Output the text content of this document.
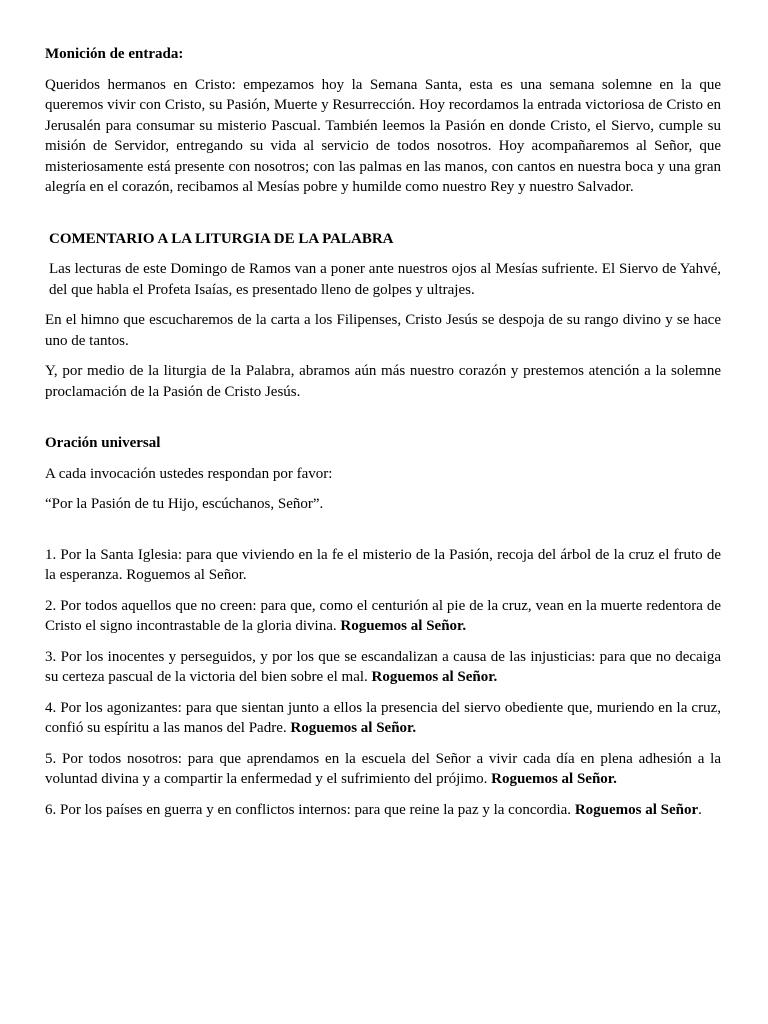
Monición de entrada:

Queridos hermanos en Cristo: empezamos hoy la Semana Santa, esta es una semana solemne en la que queremos vivir con Cristo, su Pasión, Muerte y Resurrección. Hoy recordamos la entrada victoriosa de Cristo en Jerusalén para consumar su misterio Pascual. También leemos la Pasión en donde Cristo, el Siervo, cumple su misión de Servidor, entregando su vida al servicio de todos nosotros. Hoy acompañaremos al Señor, que misteriosamente está presente con nosotros; con las palmas en las manos, con cantos en nuestra boca y una gran alegría en el corazón, recibamos al Mesías pobre y humilde como nuestro Rey y nuestro Salvador.

COMENTARIO A LA LITURGIA DE LA PALABRA

Las lecturas de este Domingo de Ramos van a poner ante nuestros ojos al Mesías sufriente. El Siervo de Yahvé, del que habla el Profeta Isaías, es presentado lleno de golpes y ultrajes.

En el himno que escucharemos de la carta a los Filipenses, Cristo Jesús se despoja de su rango divino y se hace uno de tantos.

Y, por medio de la liturgia de la Palabra, abramos aún más nuestro corazón y prestemos atención a la solemne proclamación de la Pasión de Cristo Jesús.

Oración universal

A cada invocación ustedes respondan por favor:

“Por la Pasión de tu Hijo, escúchanos, Señor”.

1. Por la Santa Iglesia: para que viviendo en la fe el misterio de la Pasión, recoja del árbol de la cruz el fruto de la esperanza. Roguemos al Señor.

2. Por todos aquellos que no creen: para que, como el centurión al pie de la cruz, vean en la muerte redentora de Cristo el signo incontrastable de la gloria divina. Roguemos al Señor.

3. Por los inocentes y perseguidos, y por los que se escandalizan a causa de las injusticias: para que no decaiga su certeza pascual de la victoria del bien sobre el mal. Roguemos al Señor.

4. Por los agonizantes: para que sientan junto a ellos la presencia del siervo obediente que, muriendo en la cruz, confió su espíritu a las manos del Padre. Roguemos al Señor.

5. Por todos nosotros: para que aprendamos en la escuela del Señor a vivir cada día en plena adhesión a la voluntad divina y a compartir la enfermedad y el sufrimiento del prójimo. Roguemos al Señor.

6. Por los países en guerra y en conflictos internos: para que reine la paz y la concordia. Roguemos al Señor.
